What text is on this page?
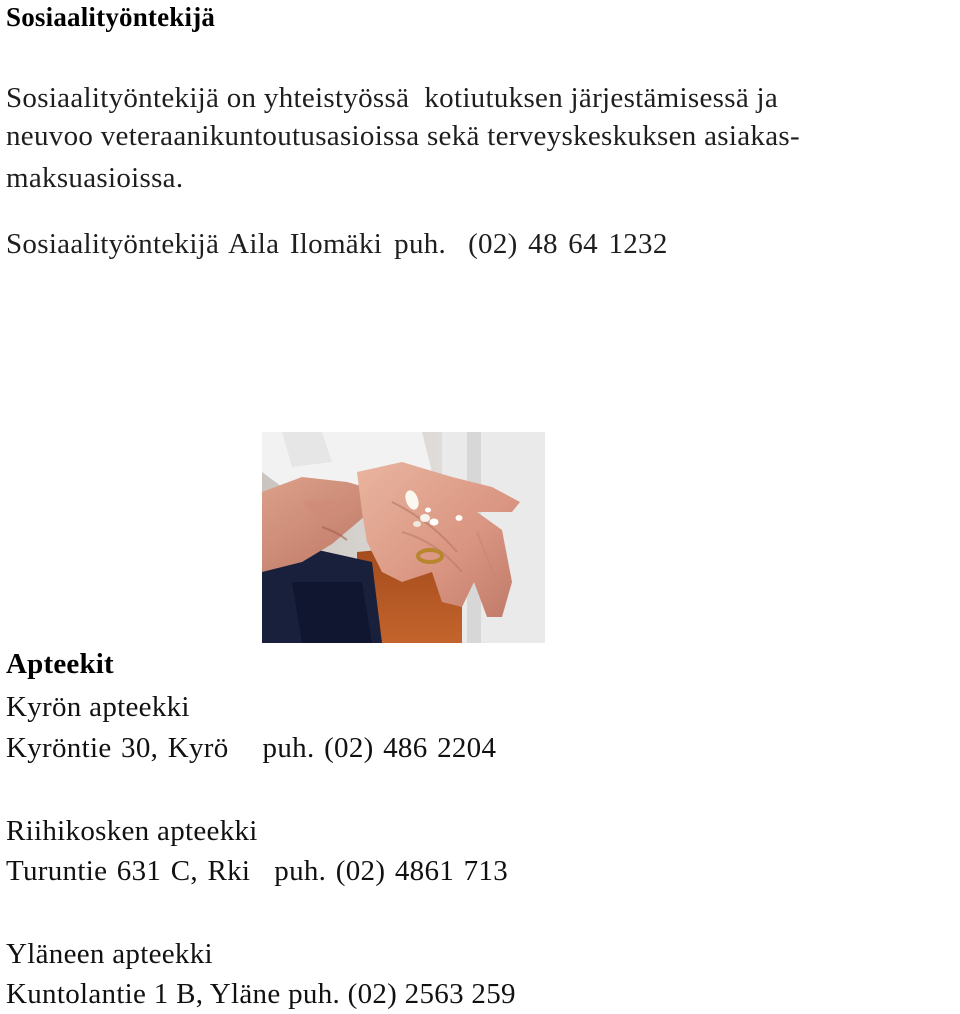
Sosiaalityöntekijä

Sosiaalityöntekijä on yhteistyössä  kotiutuksen järjestämisessä ja

neuvoo veteraanikuntoutusasioissa sekä terveyskeskuksen asiakas-

maksuasioissa.

Sosiaalityöntekijä Aila Ilomäki puh. (02) 48 64 1232

Apteekit

Kyrön apteekki

Kyröntie 30, Kyrö puh. (02) 486 2204

Riihikosken apteekki

Turuntie 631 C, Rki puh. (02) 4861 713

Yläneen apteekki

Kuntolantie 1 B, Yläne puh. (02) 2563 259
